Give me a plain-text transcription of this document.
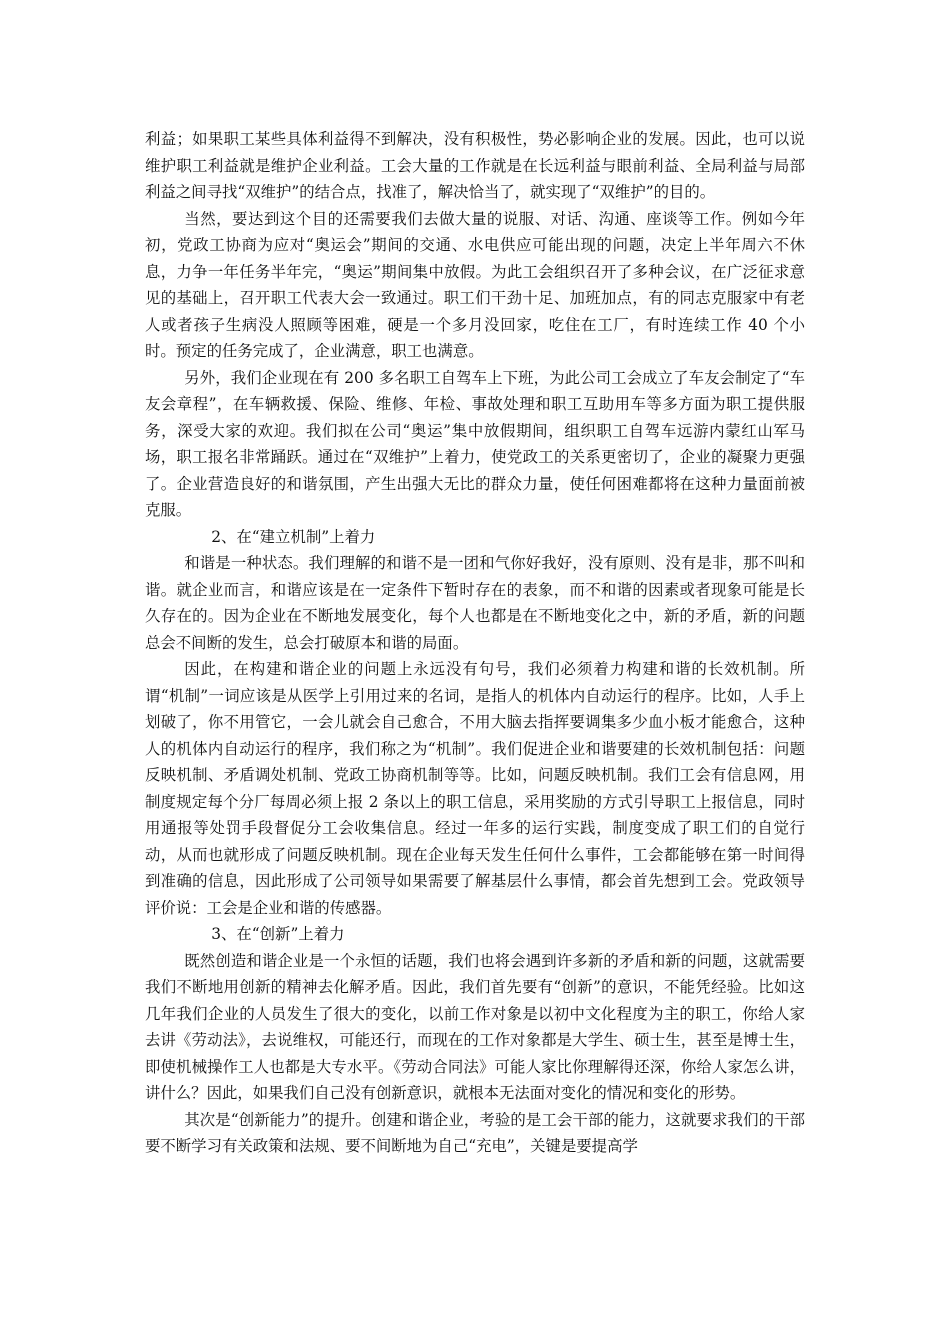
利益；如果职工某些具体利益得不到解决，没有积极性，势必影响企业的发展。因此，也可以说维护职工利益就是维护企业利益。工会大量的工作就是在长远利益与眼前利益、全局利益与局部利益之间寻找“双维护”的结合点，找准了，解决恰当了，就实现了“双维护”的目的。

当然，要达到这个目的还需要我们去做大量的说服、对话、沟通、座谈等工作。例如今年初，党政工协商为应对“奥运会”期间的交通、水电供应可能出现的问题，决定上半年周六不休息，力争一年任务半年完，“奥运”期间集中放假。为此工会组织召开了多种会议，在广泛征求意见的基础上，召开职工代表大会一致通过。职工们干劲十足、加班加点，有的同志克服家中有老人或者孩子生病没人照顾等困难，硬是一个多月没回家，吃住在工厂，有时连续工作 40 个小时。预定的任务完成了，企业满意，职工也满意。

另外，我们企业现在有 200 多名职工自驾车上下班，为此公司工会成立了车友会制定了“车友会章程”，在车辆救援、保险、维修、年检、事故处理和职工互助用车等多方面为职工提供服务，深受大家的欢迎。我们拟在公司“奥运”集中放假期间，组织职工自驾车远游内蒙红山军马场，职工报名非常踊跃。通过在“双维护”上着力，使党政工的关系更密切了，企业的凝聚力更强了。企业营造良好的和谐氛围，产生出强大无比的群众力量，使任何困难都将在这种力量面前被克服。

2、在“建立机制”上着力

和谐是一种状态。我们理解的和谐不是一团和气你好我好，没有原则、没有是非，那不叫和谐。就企业而言，和谐应该是在一定条件下暂时存在的表象，而不和谐的因素或者现象可能是长久存在的。因为企业在不断地发展变化，每个人也都是在不断地变化之中，新的矛盾，新的问题总会不间断的发生，总会打破原本和谐的局面。

因此，在构建和谐企业的问题上永远没有句号，我们必须着力构建和谐的长效机制。所谓“机制”一词应该是从医学上引用过来的名词，是指人的机体内自动运行的程序。比如，人手上划破了，你不用管它，一会儿就会自己愈合，不用大脑去指挥要调集多少血小板才能愈合，这种人的机体内自动运行的程序，我们称之为“机制”。我们促进企业和谐要建的长效机制包括：问题反映机制、矛盾调处机制、党政工协商机制等等。比如，问题反映机制。我们工会有信息网，用制度规定每个分厂每周必须上报 2 条以上的职工信息，采用奖励的方式引导职工上报信息，同时用通报等处罚手段督促分工会收集信息。经过一年多的运行实践，制度变成了职工们的自觉行动，从而也就形成了问题反映机制。现在企业每天发生任何什么事件，工会都能够在第一时间得到准确的信息，因此形成了公司领导如果需要了解基层什么事情，都会首先想到工会。党政领导评价说：工会是企业和谐的传感器。

3、在“创新”上着力

既然创造和谐企业是一个永恒的话题，我们也将会遇到许多新的矛盾和新的问题，这就需要我们不断地用创新的精神去化解矛盾。因此，我们首先要有“创新”的意识，不能凭经验。比如这几年我们企业的人员发生了很大的变化，以前工作对象是以初中文化程度为主的职工，你给人家去讲《劳动法》，去说维权，可能还行，而现在的工作对象都是大学生、硕士生，甚至是博士生，即使机械操作工人也都是大专水平。《劳动合同法》可能人家比你理解得还深，你给人家怎么讲，讲什么？因此，如果我们自己没有创新意识，就根本无法面对变化的情况和变化的形势。

其次是“创新能力”的提升。创建和谐企业，考验的是工会干部的能力，这就要求我们的干部要不断学习有关政策和法规、要不间断地为自己“充电”，关键是要提高学
